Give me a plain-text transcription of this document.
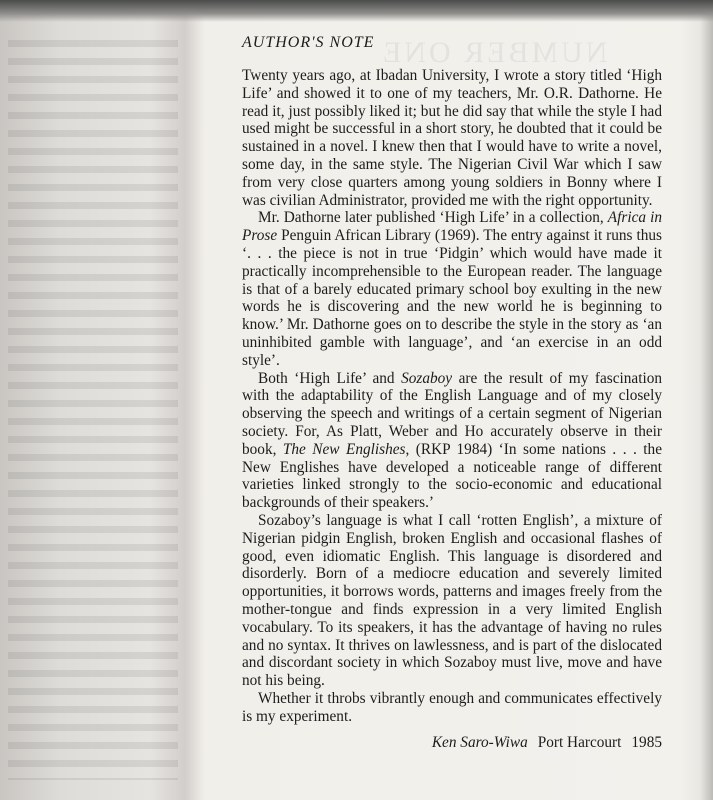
NUMBER ONE
AUTHOR'S NOTE

Twenty years ago, at Ibadan University, I wrote a story titled ‘High Life’ and showed it to one of my teachers, Mr. O.R. Dathorne. He read it, just possibly liked it; but he did say that while the style I had used might be successful in a short story, he doubted that it could be sustained in a novel. I knew then that I would have to write a novel, some day, in the same style. The Nigerian Civil War which I saw from very close quarters among young soldiers in Bonny where I was civilian Administrator, provided me with the right opportunity.

Mr. Dathorne later published ‘High Life’ in a collection, Africa in Prose Penguin African Library (1969). The entry against it runs thus ‘. . . the piece is not in true ‘Pidgin’ which would have made it practically incomprehensible to the European reader. The language is that of a barely educated primary school boy exulting in the new words he is discovering and the new world he is beginning to know.’ Mr. Dathorne goes on to describe the style in the story as ‘an uninhibited gamble with language’, and ‘an exercise in an odd style’.

Both ‘High Life’ and Sozaboy are the result of my fascination with the adaptability of the English Language and of my closely observing the speech and writings of a certain segment of Nigerian society. For, As Platt, Weber and Ho accurately observe in their book, The New Englishes, (RKP 1984) ‘In some nations . . . the New Englishes have developed a noticeable range of different varieties linked strongly to the socio-economic and educational backgrounds of their speakers.’

Sozaboy’s language is what I call ‘rotten English’, a mixture of Nigerian pidgin English, broken English and occasional flashes of good, even idiomatic English. This language is disordered and disorderly. Born of a mediocre education and severely limited opportunities, it borrows words, patterns and images freely from the mother-tongue and finds expression in a very limited English vocabulary. To its speakers, it has the advantage of having no rules and no syntax. It thrives on lawlessness, and is part of the dislocated and discordant society in which Sozaboy must live, move and have not his being.

Whether it throbs vibrantly enough and communicates effectively is my experiment.

Ken Saro-Wiwa Port Harcourt 1985
